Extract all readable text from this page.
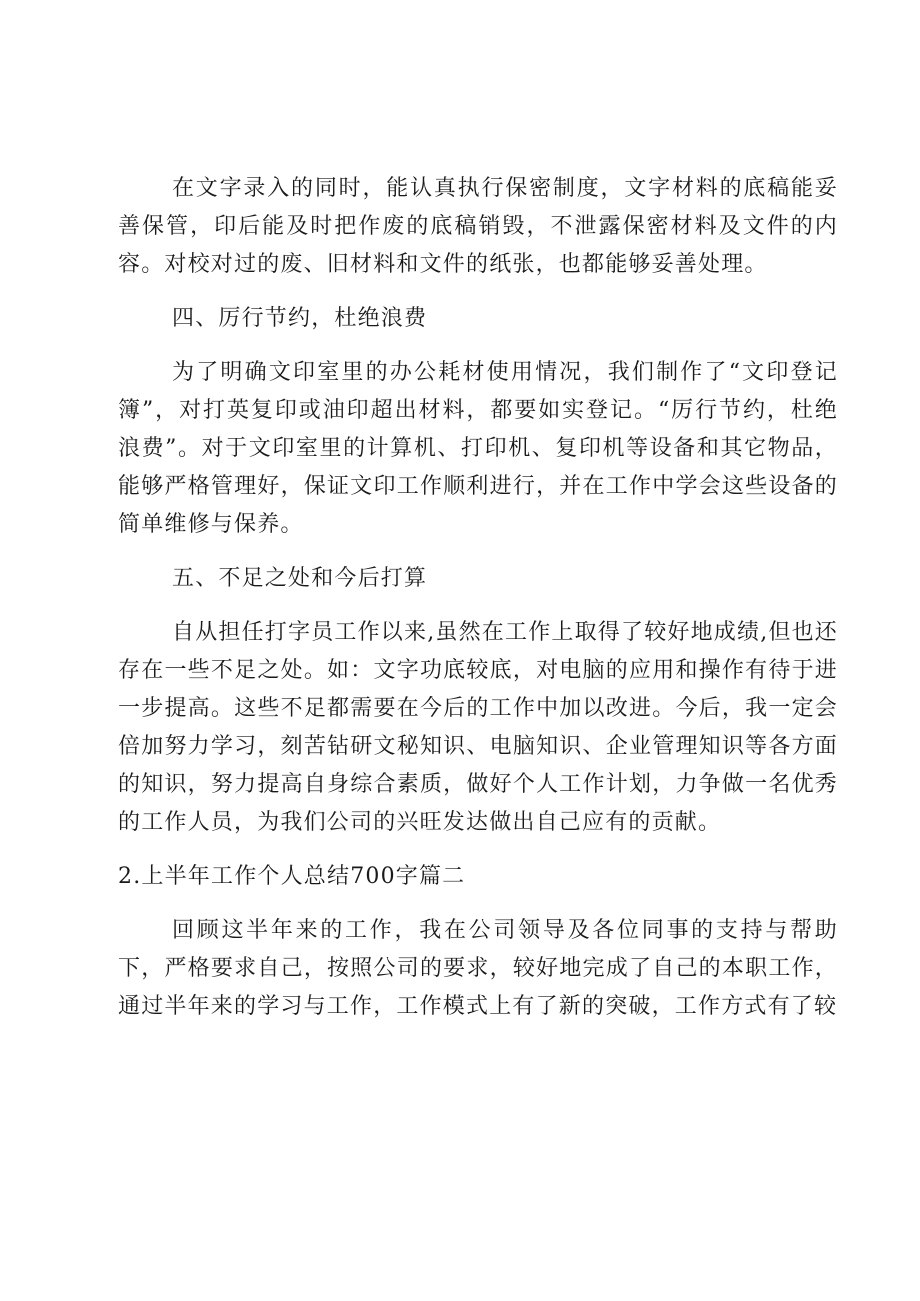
在文字录入的同时，能认真执行保密制度，文字材料的底稿能妥善保管，印后能及时把作废的底稿销毁，不泄露保密材料及文件的内容。对校对过的废、旧材料和文件的纸张，也都能够妥善处理。

四、厉行节约，杜绝浪费

为了明确文印室里的办公耗材使用情况，我们制作了“文印登记簿”，对打英复印或油印超出材料，都要如实登记。“厉行节约，杜绝浪费”。对于文印室里的计算机、打印机、复印机等设备和其它物品，能够严格管理好，保证文印工作顺利进行，并在工作中学会这些设备的简单维修与保养。

五、不足之处和今后打算

自从担任打字员工作以来,虽然在工作上取得了较好地成绩,但也还存在一些不足之处。如：文字功底较底，对电脑的应用和操作有待于进一步提高。这些不足都需要在今后的工作中加以改进。今后，我一定会倍加努力学习，刻苦钻研文秘知识、电脑知识、企业管理知识等各方面的知识，努力提高自身综合素质，做好个人工作计划，力争做一名优秀的工作人员，为我们公司的兴旺发达做出自己应有的贡献。

2.上半年工作个人总结700字篇二

回顾这半年来的工作，我在公司领导及各位同事的支持与帮助下，严格要求自己，按照公司的要求，较好地完成了自己的本职工作，通过半年来的学习与工作，工作模式上有了新的突破，工作方式有了较
